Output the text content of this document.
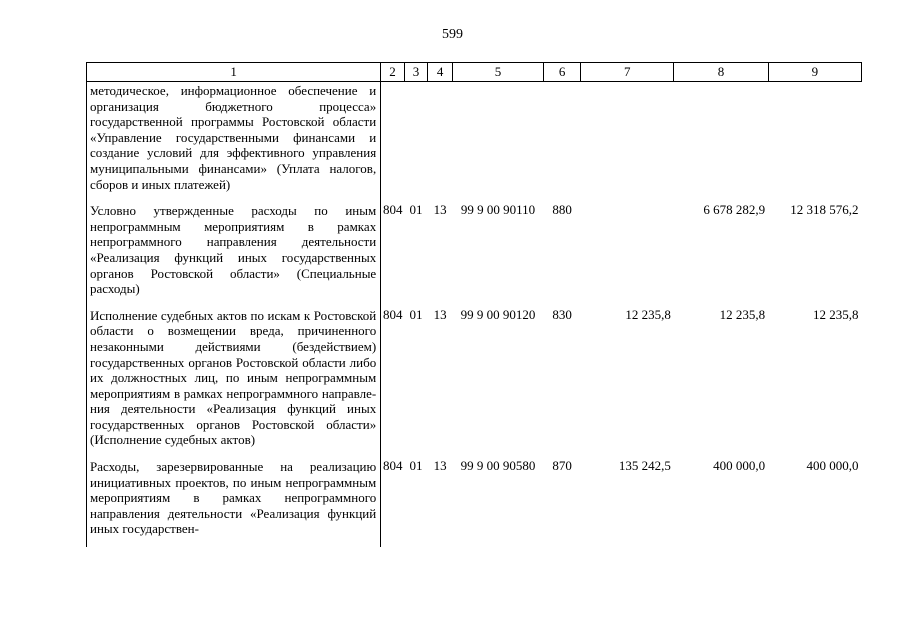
599
1	2	3	4	5	6	7	8	9
методическое, информационное обеспечение и организация бюджетного процесса» государственной программы Ростовской области «Управление государственными финансами и создание условий для эффективного управления муниципальными финансами» (Уплата налогов, сборов и иных платежей)								
Условно утвержденные расходы по иным непрограммным мероприятиям в рамках непрограммного направления деятельности «Реализация функций иных государственных органов Ростовской области» (Специальные расходы)	804	01	13	99 9 00 90110	880		6 678 282,9	12 318 576,2
Исполнение судебных актов по искам к Ростовской области о возмещении вреда, причиненного незаконными действиями (бездействием) государственных органов Ростовской области либо их должностных лиц, по иным непрограммным мероприятиям в рамках непрограммного направления деятельности «Реализация функций иных государственных органов Ростовской области» (Исполнение судебных актов)	804	01	13	99 9 00 90120	830	12 235,8	12 235,8	12 235,8
Расходы, зарезервированные на реализацию инициативных проектов, по иным непрограммным мероприятиям в рамках непрограммного направления деятельности «Реализация функций иных государствен-	804	01	13	99 9 00 90580	870	135 242,5	400 000,0	400 000,0
